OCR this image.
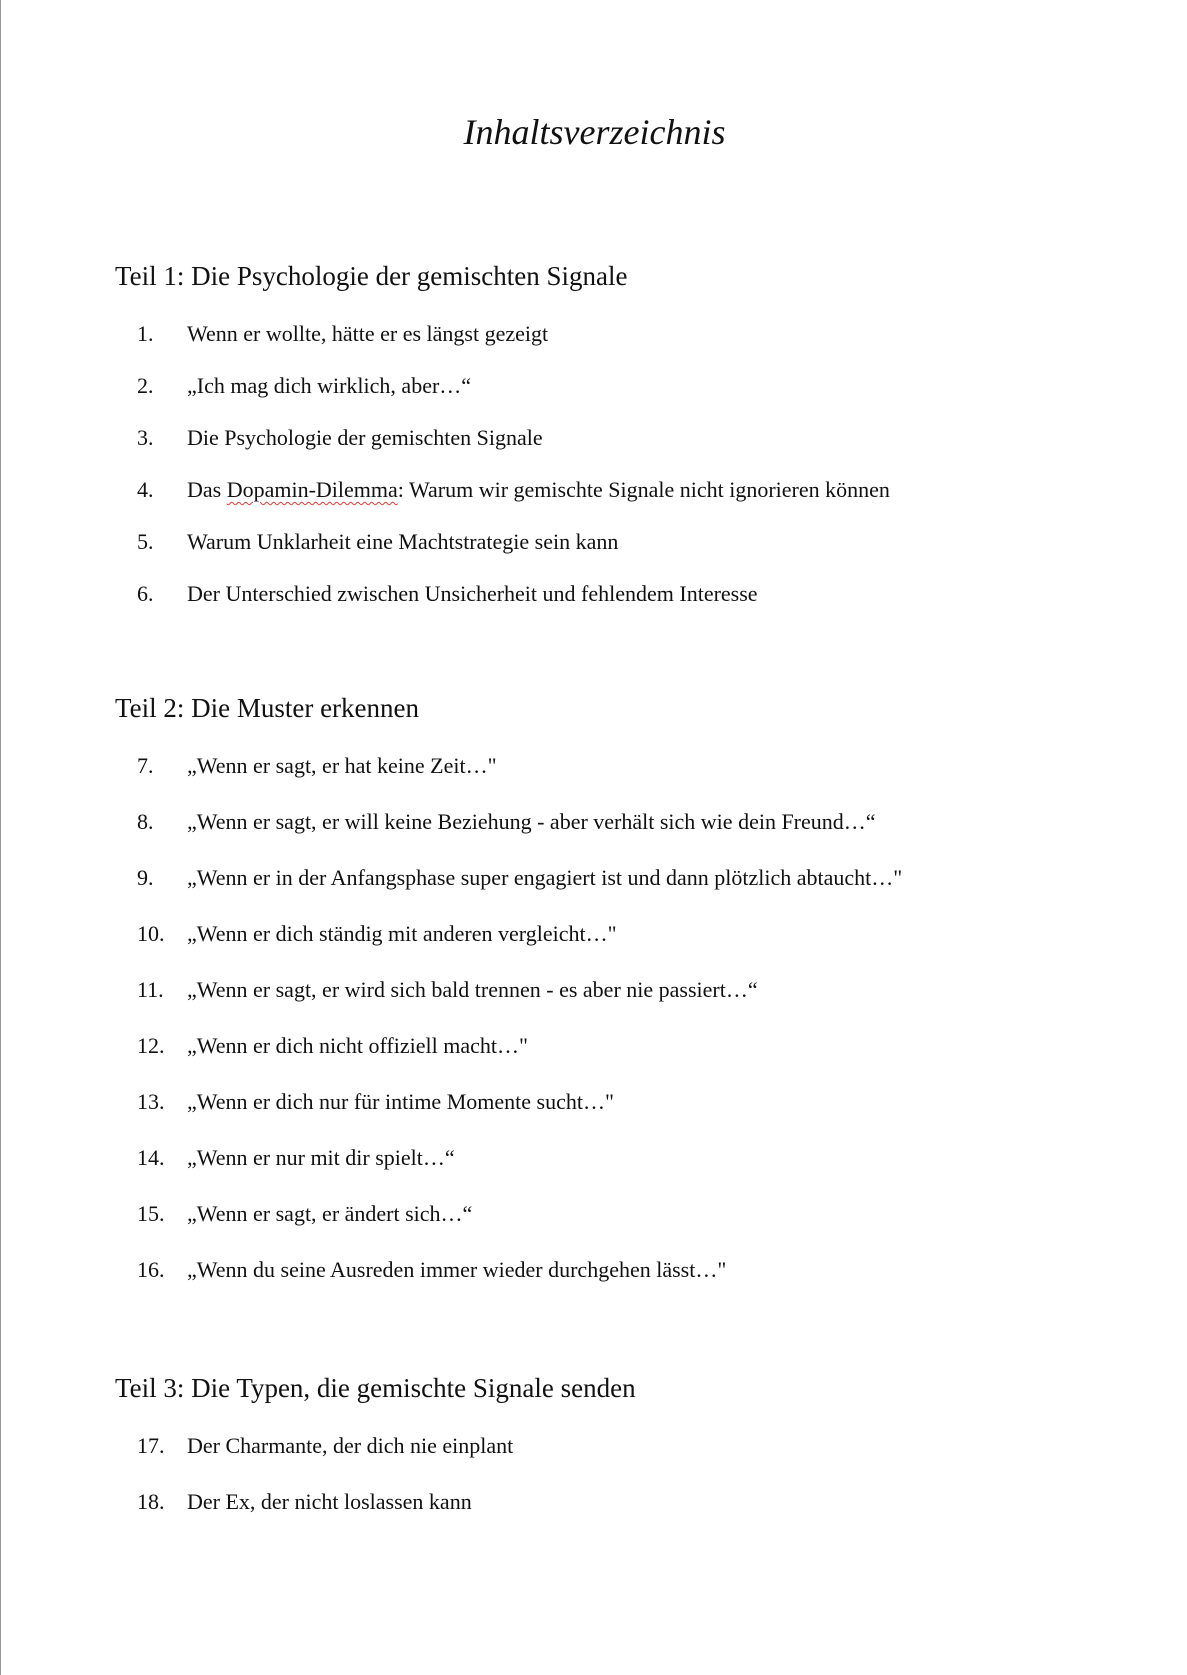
Inhaltsverzeichnis
Teil 1: Die Psychologie der gemischten Signale
1.	Wenn er wollte, hätte er es längst gezeigt
2.	„Ich mag dich wirklich, aber…“
3.	Die Psychologie der gemischten Signale
4.	Das Dopamin-Dilemma: Warum wir gemischte Signale nicht ignorieren können
5.	Warum Unklarheit eine Machtstrategie sein kann
6.	Der Unterschied zwischen Unsicherheit und fehlendem Interesse
Teil 2: Die Muster erkennen
7.	„Wenn er sagt, er hat keine Zeit…"
8.	„Wenn er sagt, er will keine Beziehung - aber verhält sich wie dein Freund…“
9.	„Wenn er in der Anfangsphase super engagiert ist und dann plötzlich abtaucht…"
10.	„Wenn er dich ständig mit anderen vergleicht…"
11.	„Wenn er sagt, er wird sich bald trennen - es aber nie passiert…“
12.	„Wenn er dich nicht offiziell macht…"
13.	„Wenn er dich nur für intime Momente sucht…"
14.	„Wenn er nur mit dir spielt…“
15.	„Wenn er sagt, er ändert sich…“
16.	„Wenn du seine Ausreden immer wieder durchgehen lässt…"
Teil 3: Die Typen, die gemischte Signale senden
17.	Der Charmante, der dich nie einplant
18.	Der Ex, der nicht loslassen kann
